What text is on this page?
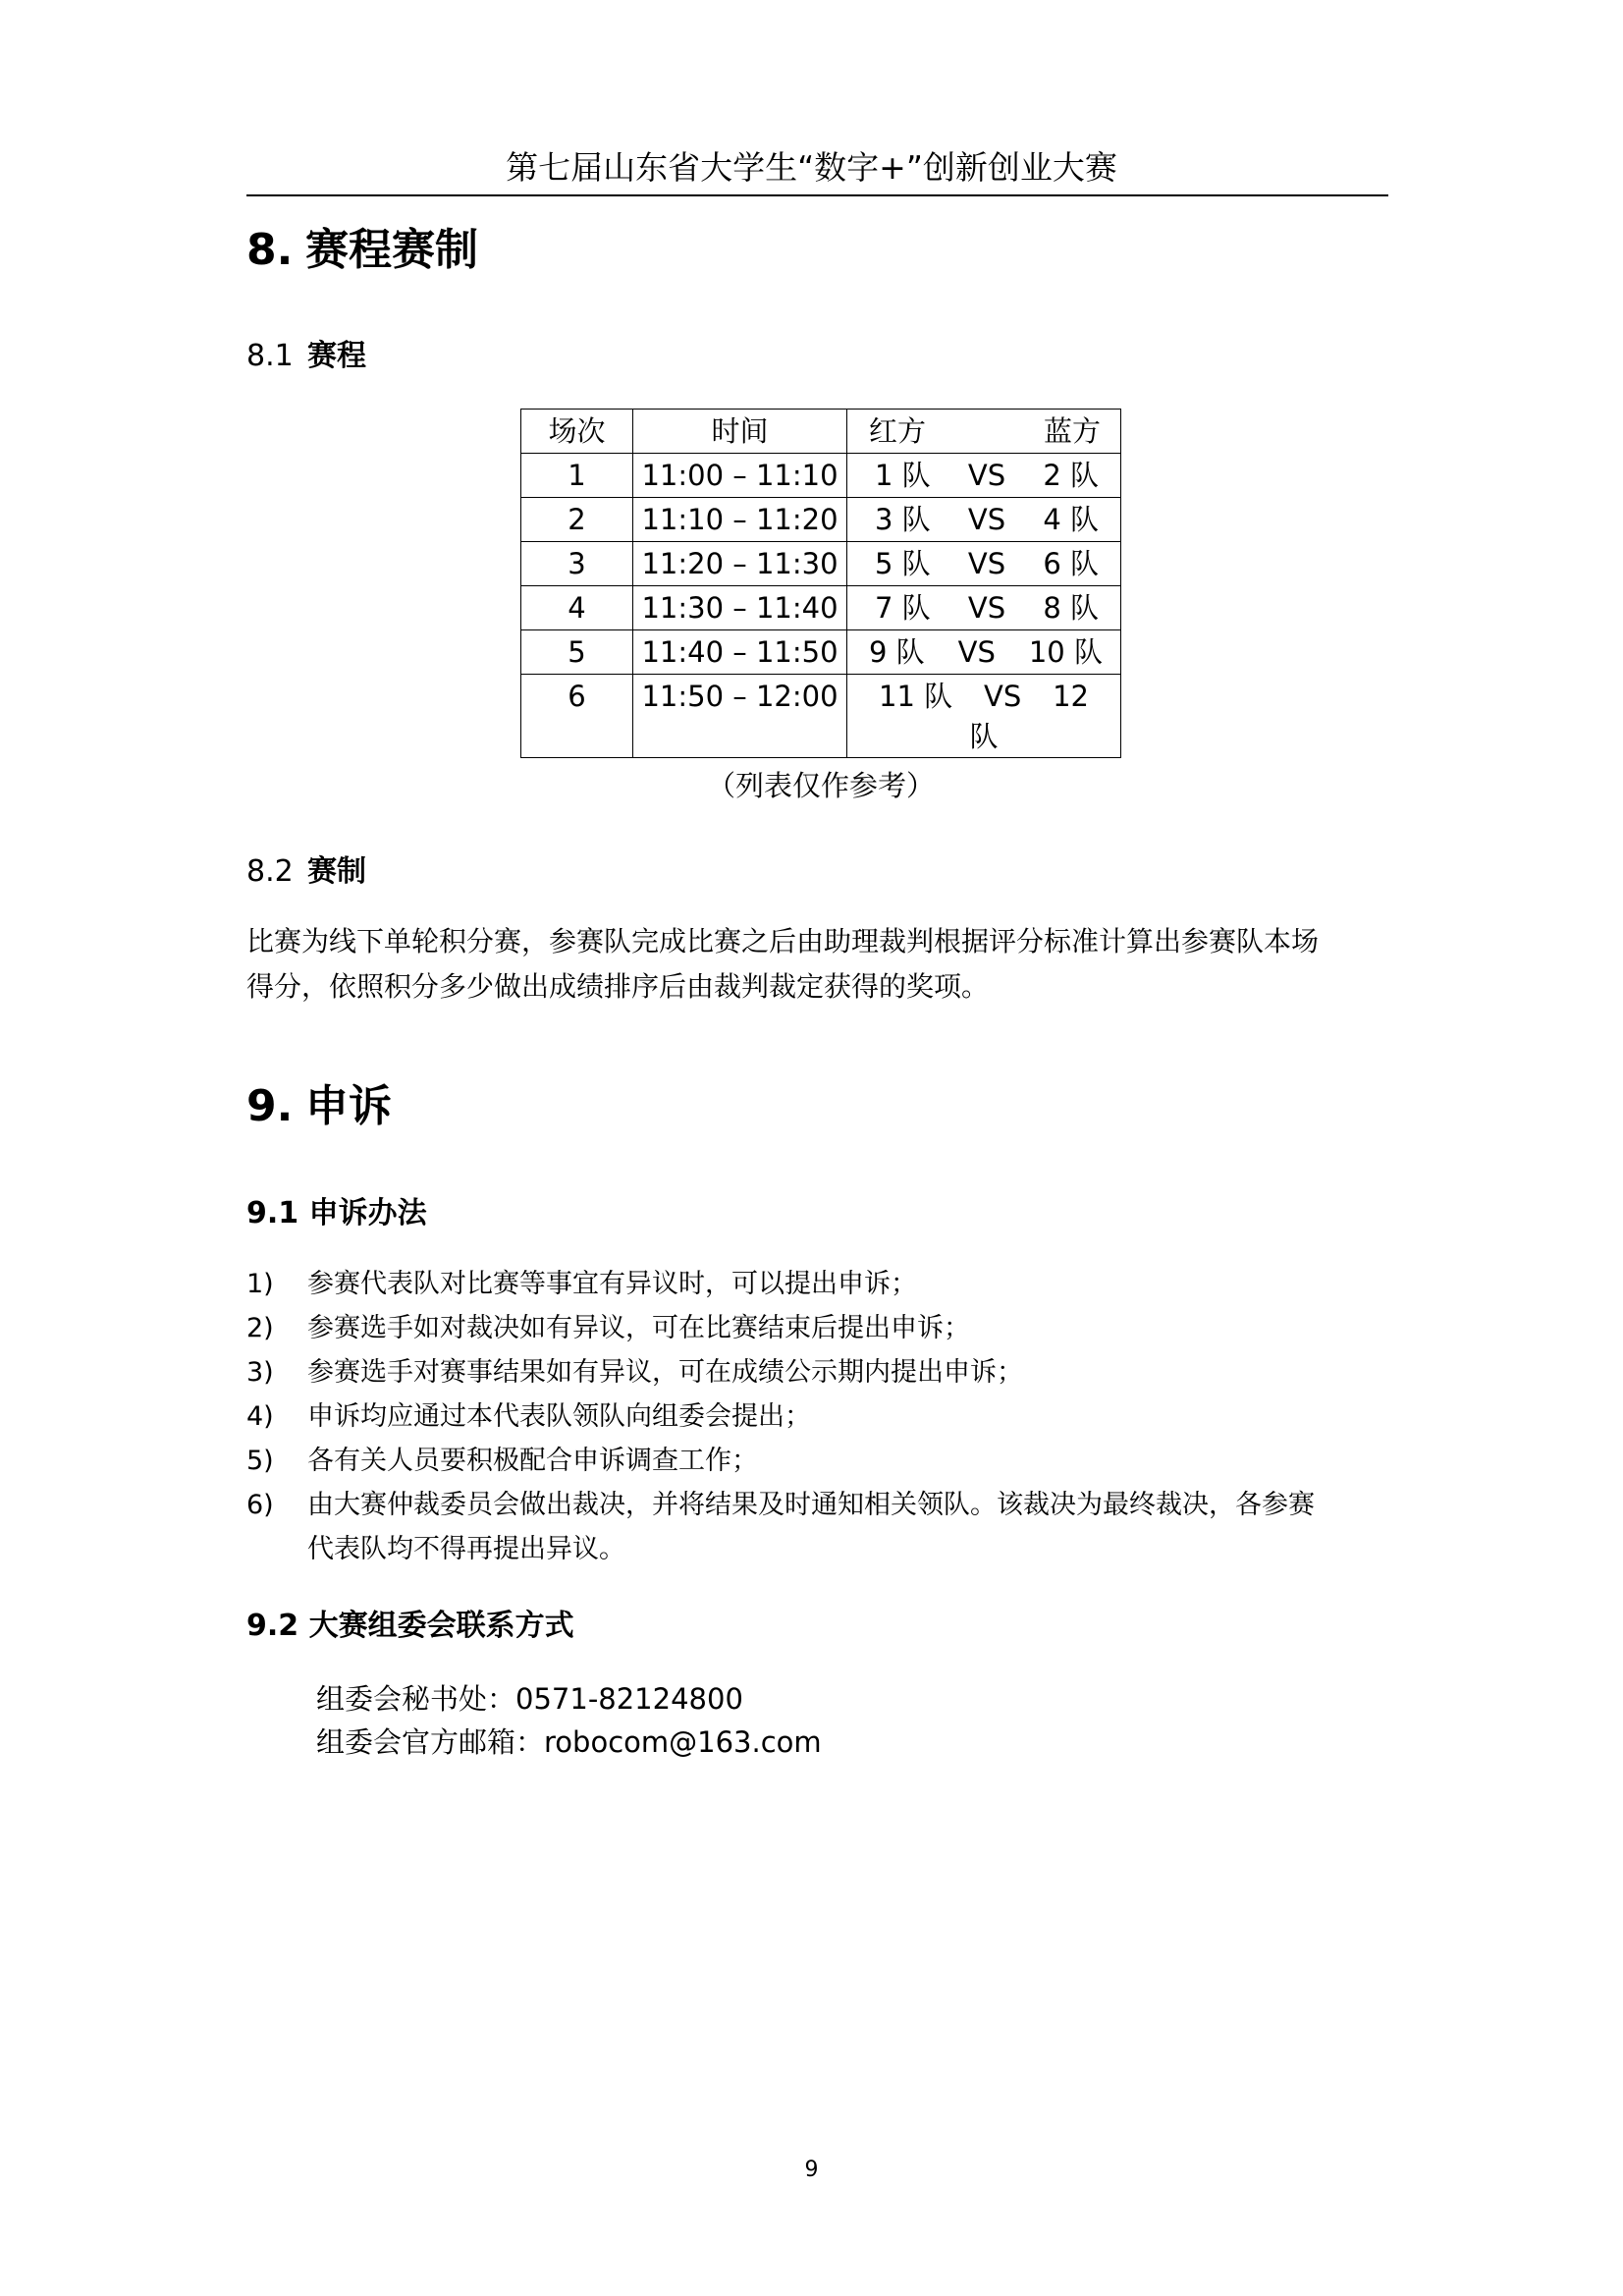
第七届山东省大学生“数字+”创新创业大赛
8. 赛程赛制
8.1 赛程
场次	时间	红方 蓝方

1	11:00 – 11:10	1 队 VS 2 队

2	11:10 – 11:20	3 队 VS 4 队

3	11:20 – 11:30	5 队 VS 6 队

4	11:30 – 11:40	7 队 VS 8 队

5	11:40 – 11:50	9 队 VS 10 队

6	11:50 – 12:00	11 队 VS 12
队
（列表仅作参考）
8.2 赛制
比赛为线下单轮积分赛，参赛队完成比赛之后由助理裁判根据评分标准计算出参赛队本场
得分，依照积分多少做出成绩排序后由裁判裁定获得的奖项。
9. 申诉
9.1 申诉办法
1)	参赛代表队对比赛等事宜有异议时，可以提出申诉；
2)	参赛选手如对裁决如有异议，可在比赛结束后提出申诉；
3)	参赛选手对赛事结果如有异议，可在成绩公示期内提出申诉；
4)	申诉均应通过本代表队领队向组委会提出；
5)	各有关人员要积极配合申诉调查工作；
6)	由大赛仲裁委员会做出裁决，并将结果及时通知相关领队。该裁决为最终裁决，各参赛
代表队均不得再提出异议。
9.2 大赛组委会联系方式
组委会秘书处：0571-82124800
组委会官方邮箱：robocom@163.com
9
